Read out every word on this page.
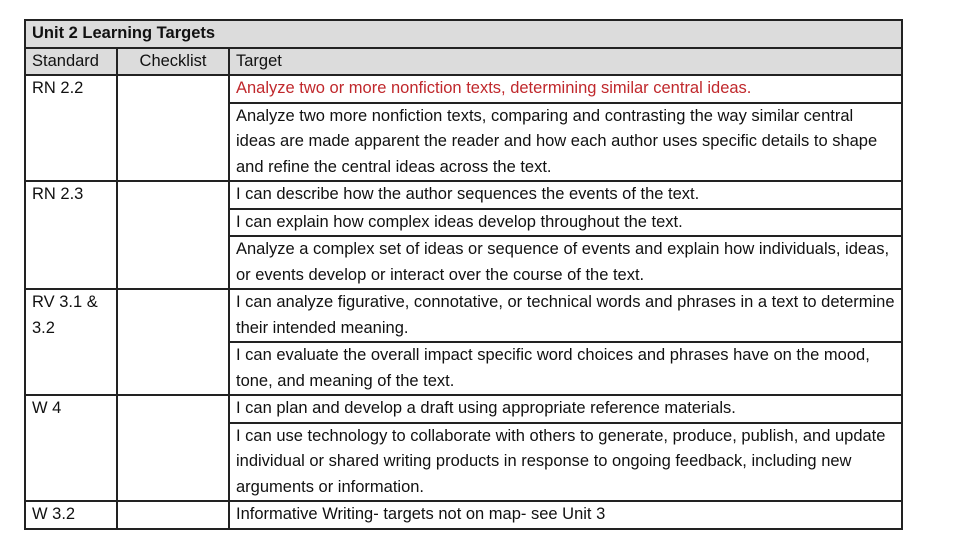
Unit 2 Learning Targets		
Standard	Checklist	Target
RN 2.2		Analyze two or more nonfiction texts, determining similar central ideas.
		Analyze two more nonfiction texts, comparing and contrasting the way similar central ideas are made apparent the reader and how each author uses specific details to shape and refine the central ideas across the text.
RN 2.3		I can describe how the author sequences the events of the text.
		I can explain how complex ideas develop throughout the text.
		Analyze a complex set of ideas or sequence of events and explain how individuals, ideas, or events develop or interact over the course of the text.
RV 3.1 & 3.2		I can analyze figurative, connotative, or technical words and phrases in a text to determine their intended meaning.
		I can evaluate the overall impact specific word choices and phrases have on the mood, tone, and meaning of the text.
W 4		I can plan and develop a draft using appropriate reference materials.
		I can use technology to collaborate with others to generate, produce, publish, and update individual or shared writing products in response to ongoing feedback, including new arguments or information.
W 3.2		Informative Writing- targets not on map- see Unit 3
